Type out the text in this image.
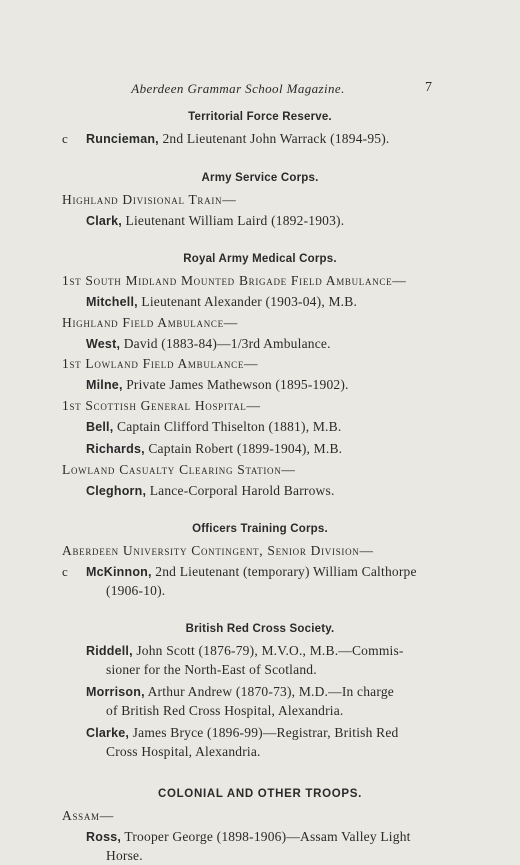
Aberdeen Grammar School Magazine.	7
Territorial Force Reserve.
c Runcieman, 2nd Lieutenant John Warrack (1894-95).
Army Service Corps.
Highland Divisional Train—
Clark, Lieutenant William Laird (1892-1903).
Royal Army Medical Corps.
1st South Midland Mounted Brigade Field Ambulance—
Mitchell, Lieutenant Alexander (1903-04), M.B.
Highland Field Ambulance—
West, David (1883-84)—1/3rd Ambulance.
1st Lowland Field Ambulance—
Milne, Private James Mathewson (1895-1902).
1st Scottish General Hospital—
Bell, Captain Clifford Thiselton (1881), M.B.
Richards, Captain Robert (1899-1904), M.B.
Lowland Casualty Clearing Station—
Cleghorn, Lance-Corporal Harold Barrows.
Officers Training Corps.
Aberdeen University Contingent, Senior Division—
c McKinnon, 2nd Lieutenant (temporary) William Calthorpe
(1906-10).
British Red Cross Society.
Riddell, John Scott (1876-79), M.V.O., M.B.—Commis-
sioner for the North-East of Scotland.
Morrison, Arthur Andrew (1870-73), M.D.—In charge
of British Red Cross Hospital, Alexandria.
Clarke, James Bryce (1896-99)—Registrar, British Red
Cross Hospital, Alexandria.
COLONIAL AND OTHER TROOPS.
Assam—
Ross, Trooper George (1898-1906)—Assam Valley Light
Horse.
